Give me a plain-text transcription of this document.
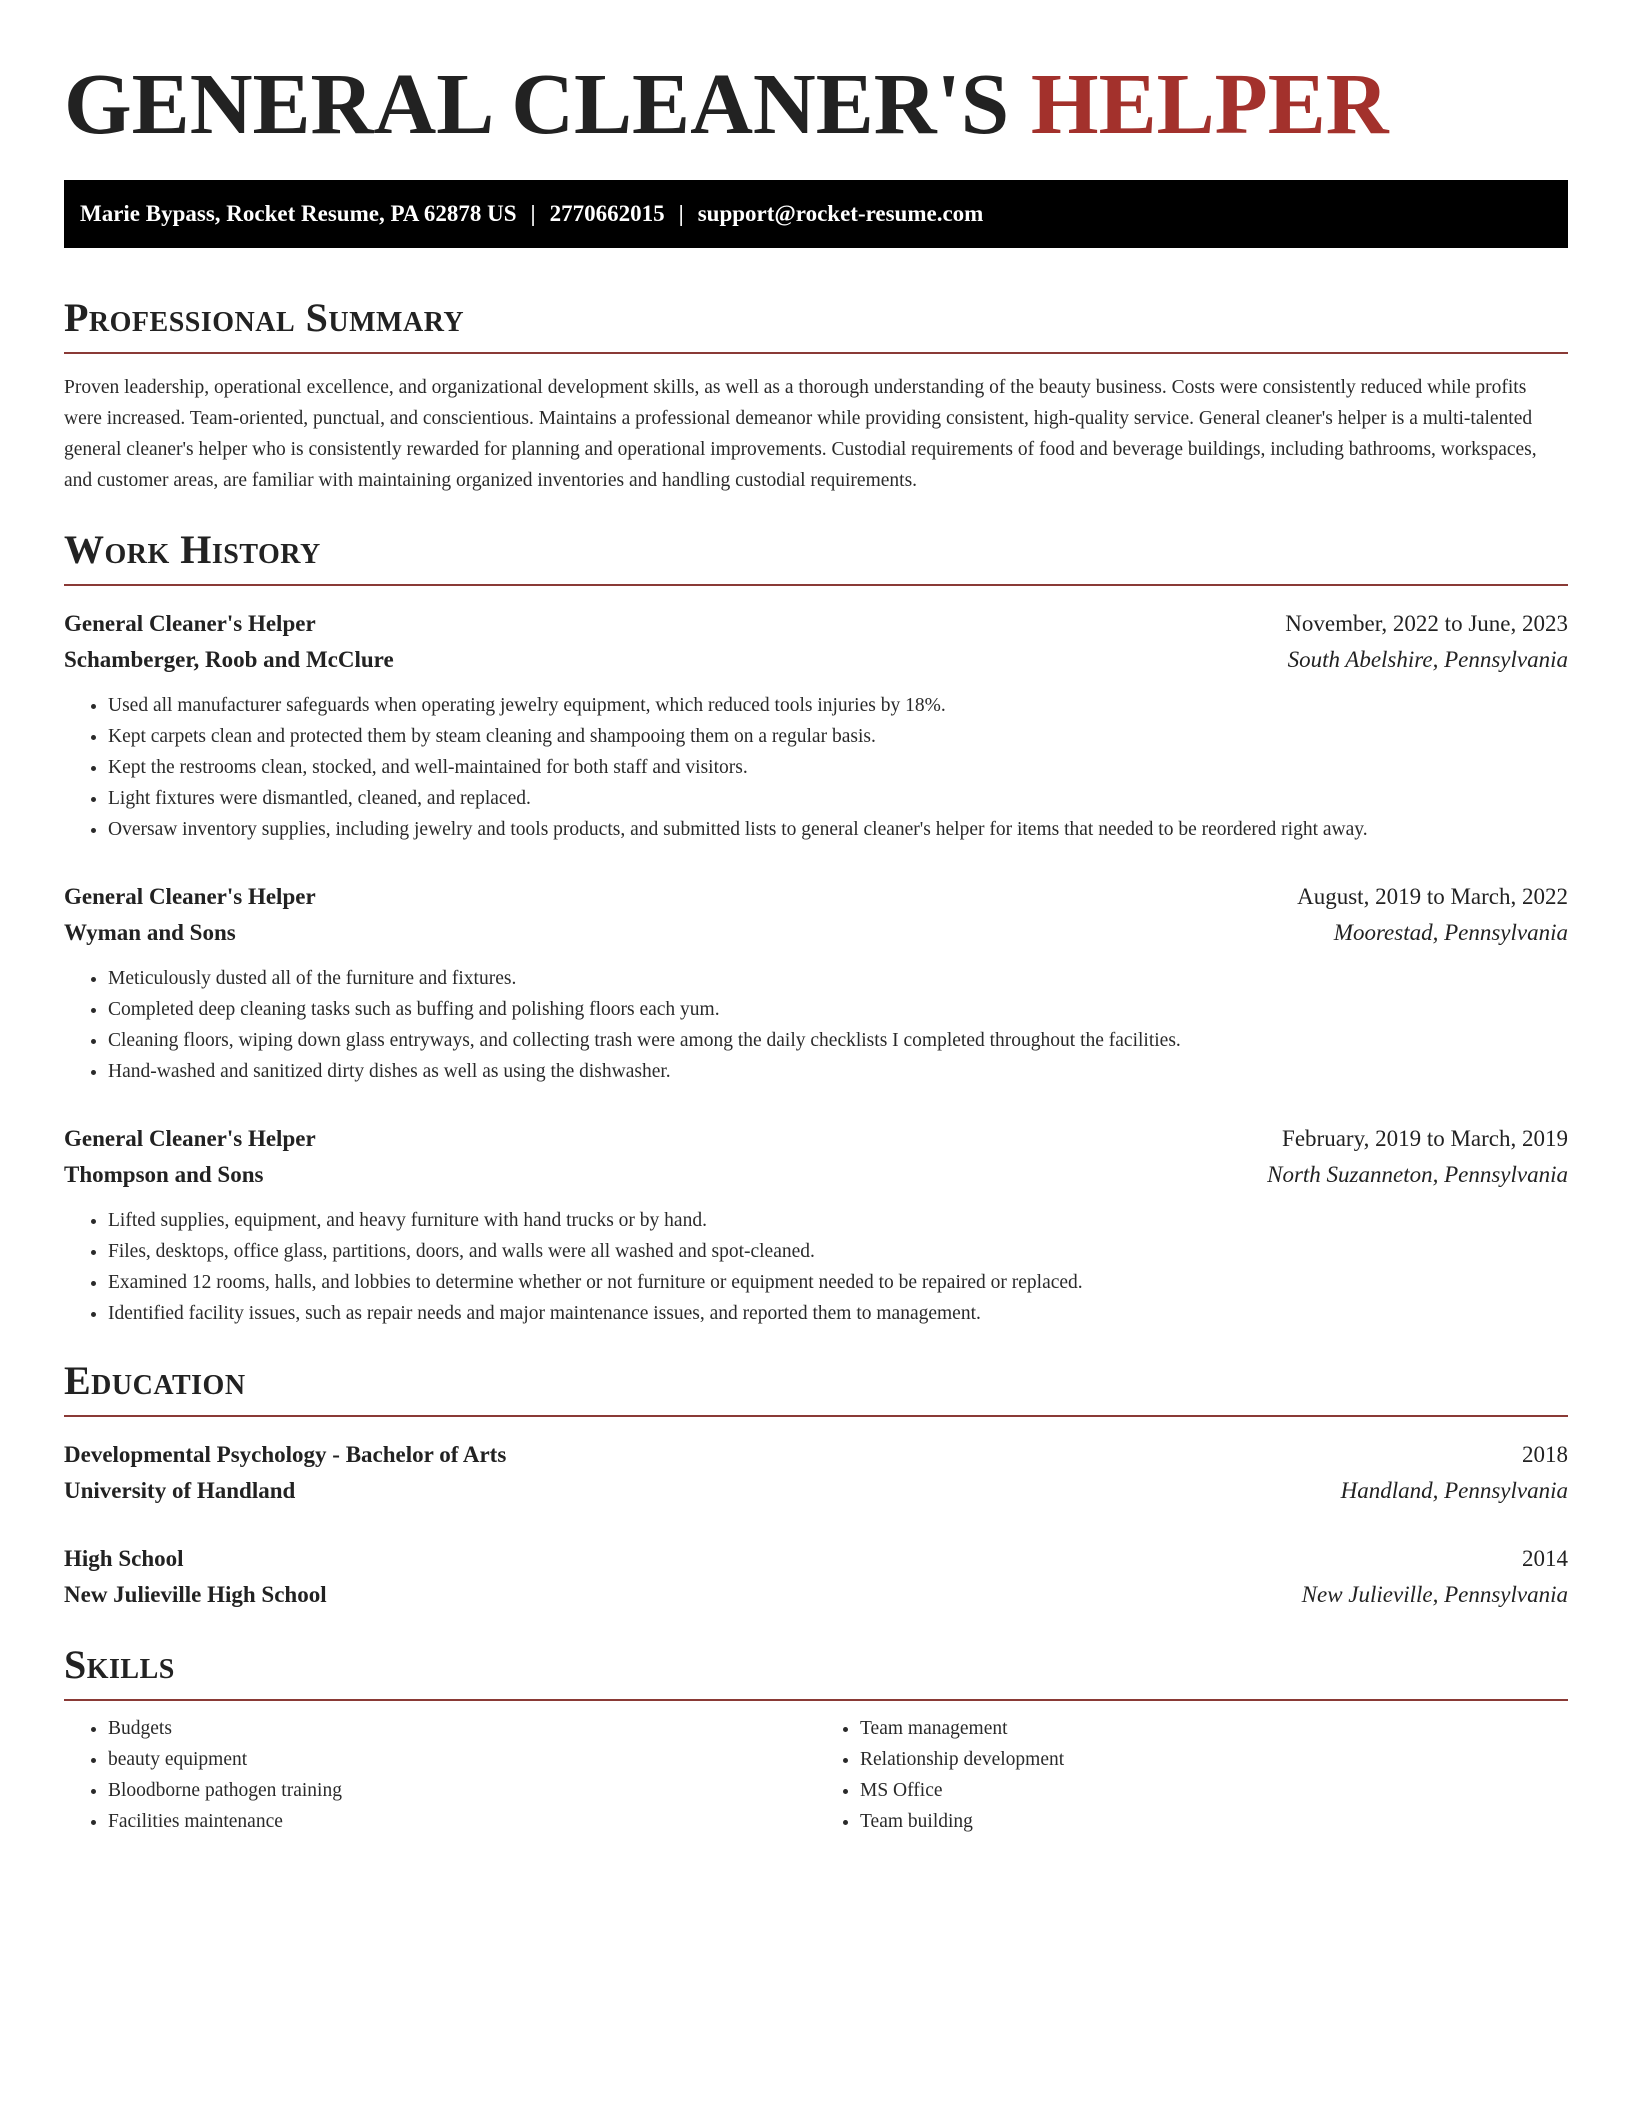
GENERAL CLEANER'S HELPER
Marie Bypass, Rocket Resume, PA 62878 US | 2770662015 | support@rocket-resume.com
Professional Summary

Proven leadership, operational excellence, and organizational development skills, as well as a thorough understanding of the beauty business. Costs were consistently reduced while profits were increased. Team-oriented, punctual, and conscientious. Maintains a professional demeanor while providing consistent, high-quality service. General cleaner's helper is a multi-talented general cleaner's helper who is consistently rewarded for planning and operational improvements. Custodial requirements of food and beverage buildings, including bathrooms, workspaces, and customer areas, are familiar with maintaining organized inventories and handling custodial requirements.

Work History
General Cleaner's Helper	November, 2022 to June, 2023
Schamberger, Roob and McClure	South Abelshire, Pennsylvania
• Used all manufacturer safeguards when operating jewelry equipment, which reduced tools injuries by 18%.
• Kept carpets clean and protected them by steam cleaning and shampooing them on a regular basis.
• Kept the restrooms clean, stocked, and well-maintained for both staff and visitors.
• Light fixtures were dismantled, cleaned, and replaced.
• Oversaw inventory supplies, including jewelry and tools products, and submitted lists to general cleaner's helper for items that needed to be reordered right away.
General Cleaner's Helper	August, 2019 to March, 2022
Wyman and Sons	Moorestad, Pennsylvania
• Meticulously dusted all of the furniture and fixtures.
• Completed deep cleaning tasks such as buffing and polishing floors each yum.
• Cleaning floors, wiping down glass entryways, and collecting trash were among the daily checklists I completed throughout the facilities.
• Hand-washed and sanitized dirty dishes as well as using the dishwasher.
General Cleaner's Helper	February, 2019 to March, 2019
Thompson and Sons	North Suzanneton, Pennsylvania
• Lifted supplies, equipment, and heavy furniture with hand trucks or by hand.
• Files, desktops, office glass, partitions, doors, and walls were all washed and spot-cleaned.
• Examined 12 rooms, halls, and lobbies to determine whether or not furniture or equipment needed to be repaired or replaced.
• Identified facility issues, such as repair needs and major maintenance issues, and reported them to management.
Education
Developmental Psychology - Bachelor of Arts	2018
University of Handland	Handland, Pennsylvania
High School	2014
New Julieville High School	New Julieville, Pennsylvania
Skills
• Budgets
• beauty equipment
• Bloodborne pathogen training
• Facilities maintenance
• Team management
• Relationship development
• MS Office
• Team building
